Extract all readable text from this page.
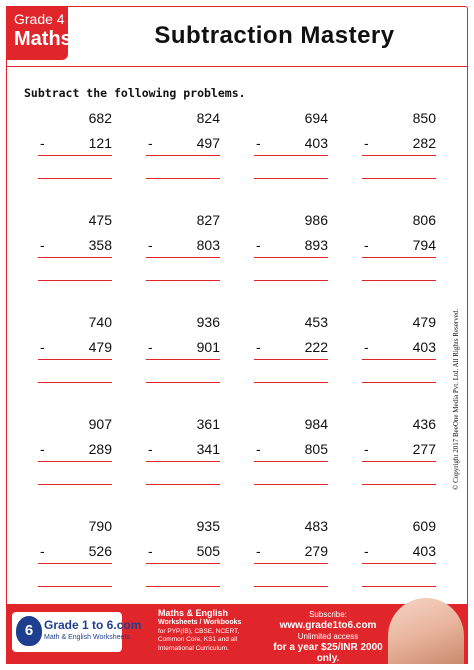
Grade 4
Maths	Subtraction Mastery
Subtract the following problems.
682
-	121
824
-	497
694
-	403
850
-	282
475
-	358
827
-	803
986
-	893
806
-	794
740
-	479
936
-	901
453
-	222
479
-	403
907
-	289
361
-	341
984
-	805
436
-	277
790
-	526
935
-	505
483
-	279
609
-	403
© Copyright 2017 BeeOne Media Pvt. Ltd. All Rights Reserved.
6 Grade 1 to 6.com
Math & English Worksheets
Maths & English
Worksheets / Workbooks
for PYP(IB), CBSE, NCERT, Common Core, KS1 and all International Curriculum.
Subscribe:
www.grade1to6.com
Unlimited access
for a year $25/INR 2000 only.
